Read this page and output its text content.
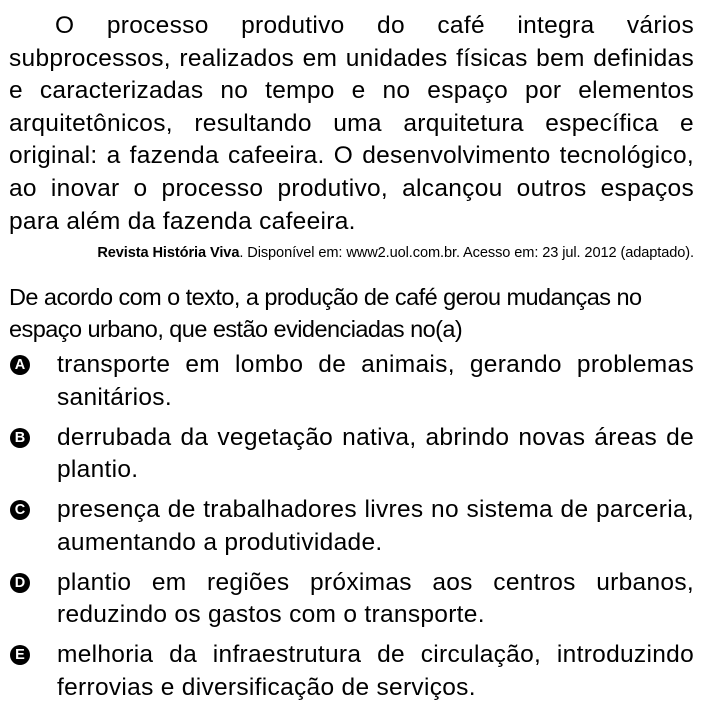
O processo produtivo do café integra vários subprocessos, realizados em unidades físicas bem definidas e caracterizadas no tempo e no espaço por elementos arquitetônicos, resultando uma arquitetura específica e original: a fazenda cafeeira. O desenvolvimento tecnológico, ao inovar o processo produtivo, alcançou outros espaços para além da fazenda cafeeira.

Revista História Viva. Disponível em: www2.uol.com.br. Acesso em: 23 jul. 2012 (adaptado).
De acordo com o texto, a produção de café gerou mudanças no espaço urbano, que estão evidenciadas no(a)
A transporte em lombo de animais, gerando problemas sanitários.
B derrubada da vegetação nativa, abrindo novas áreas de plantio.
C presença de trabalhadores livres no sistema de parceria, aumentando a produtividade.
D plantio em regiões próximas aos centros urbanos, reduzindo os gastos com o transporte.
E melhoria da infraestrutura de circulação, introduzindo ferrovias e diversificação de serviços.
